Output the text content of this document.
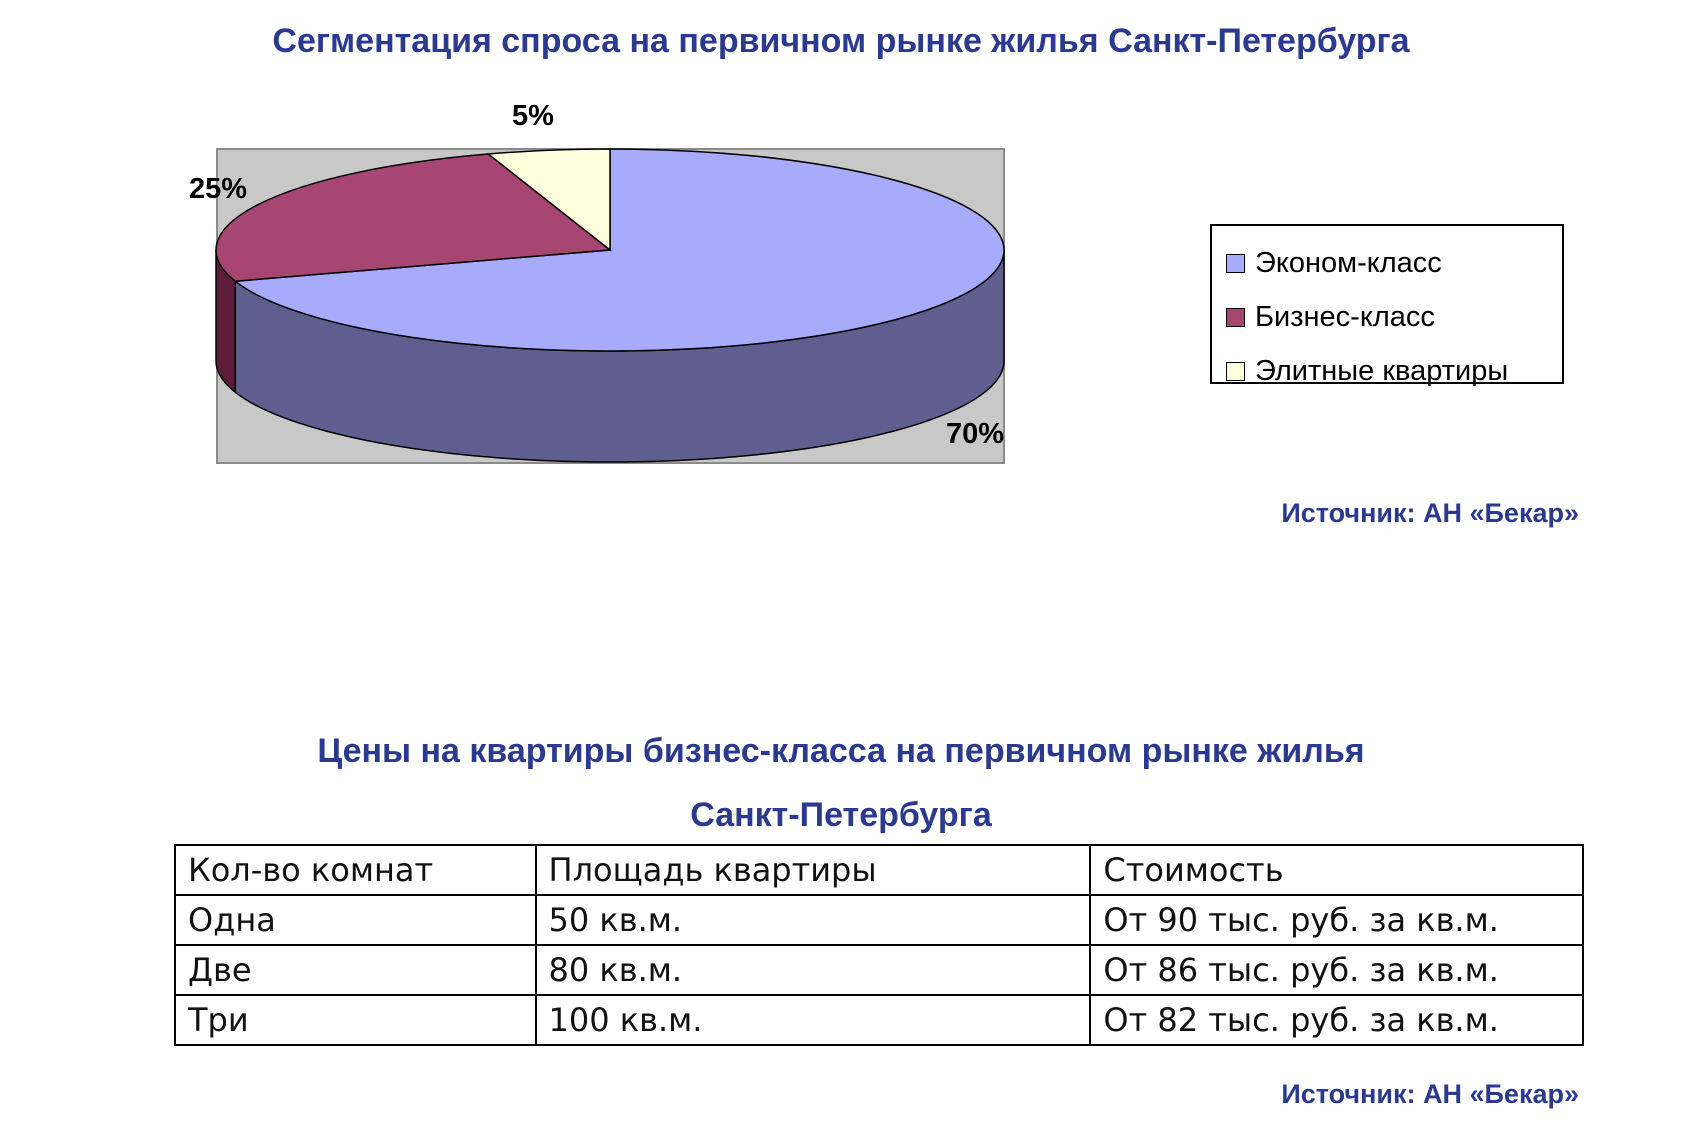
Сегментация спроса на первичном рынке жилья Санкт-Петербурга
70%
25%
5%
Эконом-класс
Бизнес-класс
Элитные квартиры
Источник: АН «Бекар»
Цены на квартиры бизнес-класса на первичном рынке жилья
Санкт-Петербурга
Кол-во комнат	Площадь квартиры	Стоимость
Одна	50 кв.м.	От 90 тыс. руб. за кв.м.
Две	80 кв.м.	От 86 тыс. руб. за кв.м.
Три	100 кв.м.	От 82 тыс. руб. за кв.м.
Источник: АН «Бекар»
